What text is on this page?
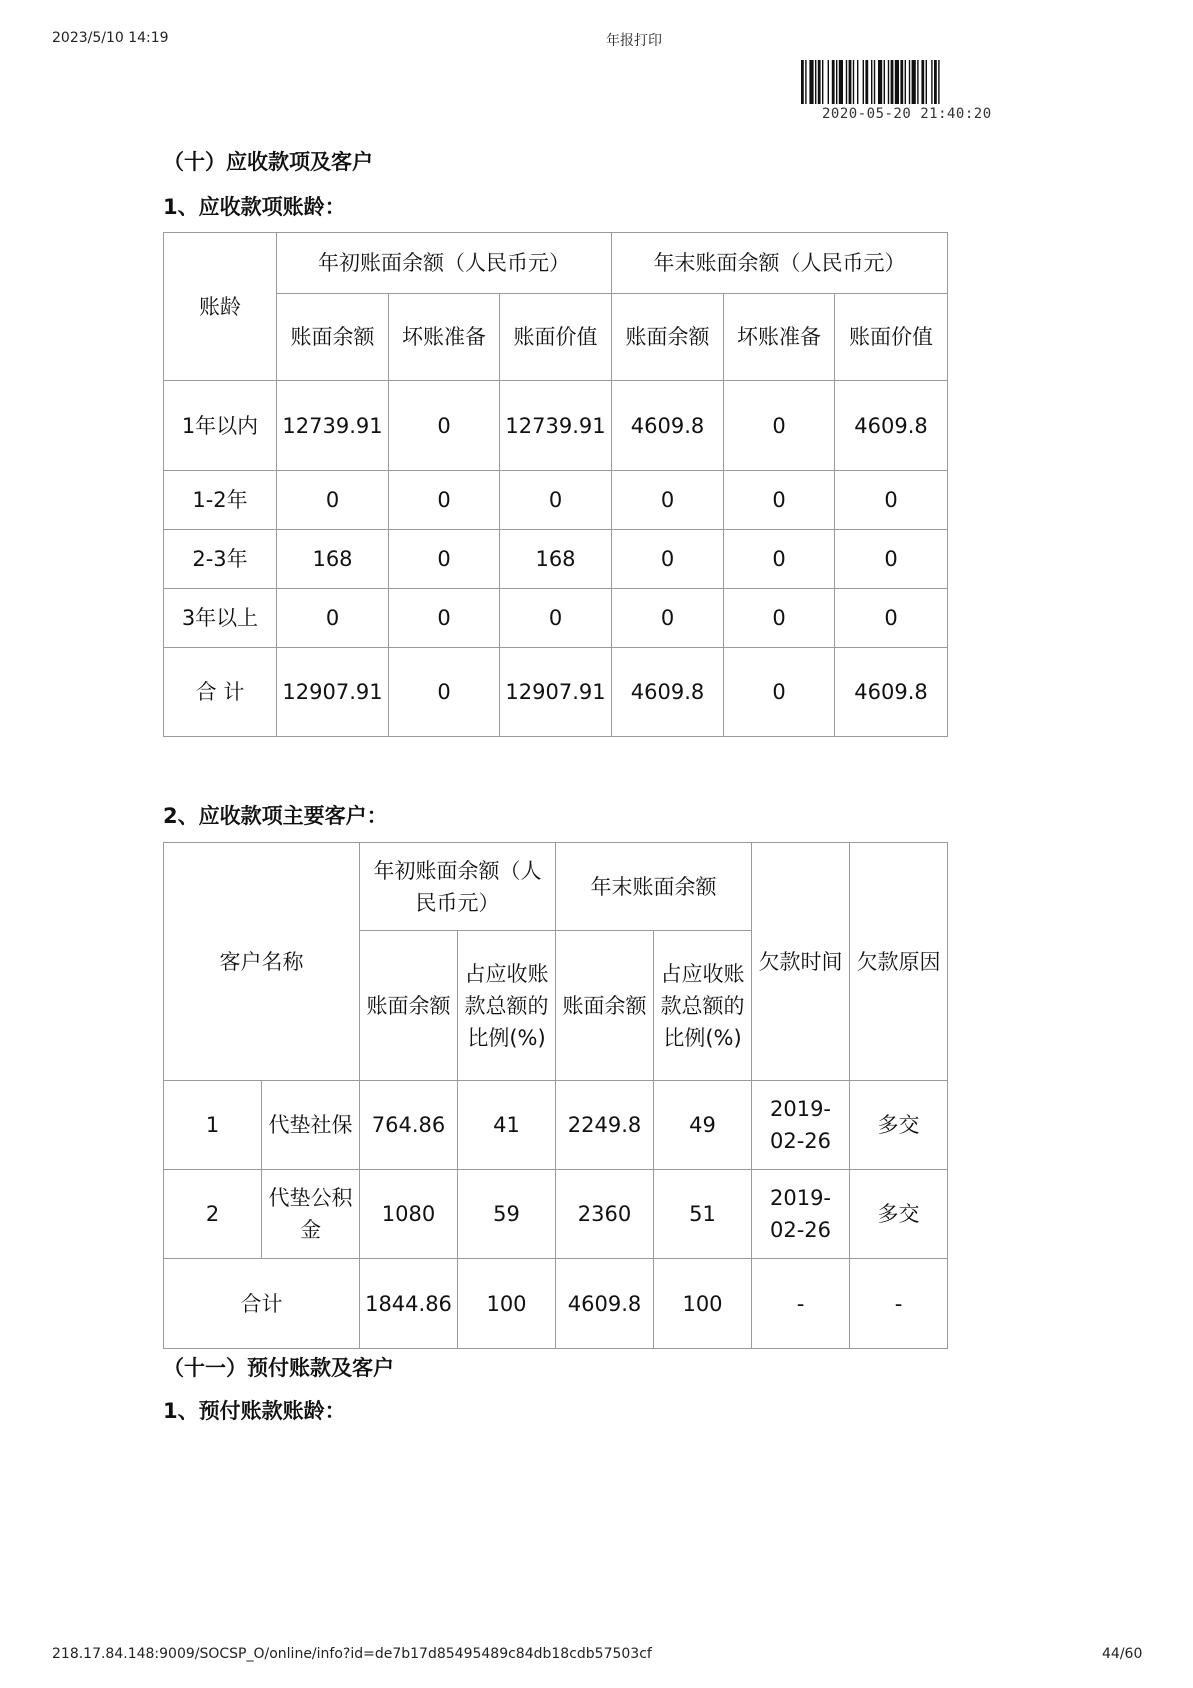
2023/5/10 14:19	年报打印
2020-05-20 21:40:20
（十）应收款项及客户
1、应收款项账龄：
账龄	年初账面余额（人民币元）			年末账面余额（人民币元）		
	账面余额	坏账准备	账面价值	账面余额	坏账准备	账面价值
1年以内	12739.91	0	12739.91	4609.8	0	4609.8
1-2年	0	0	0	0	0	0
2-3年	168	0	168	0	0	0
3年以上	0	0	0	0	0	0
合 计	12907.91	0	12907.91	4609.8	0	4609.8
2、应收款项主要客户：
客户名称		年初账面余额（人民币元）		年末账面余额		欠款时间	欠款原因
		账面余额	占应收账款总额的比例(%)	账面余额	占应收账款总额的比例(%)		
1	代垫社保	764.86	41	2249.8	49	2019-02-26	多交
2	代垫公积金	1080	59	2360	51	2019-02-26	多交
合计		1844.86	100	4609.8	100	-	-
（十一）预付账款及客户
1、预付账款账龄：
218.17.84.148:9009/SOCSP_O/online/info?id=de7b17d85495489c84db18cdb57503cf	44/60
